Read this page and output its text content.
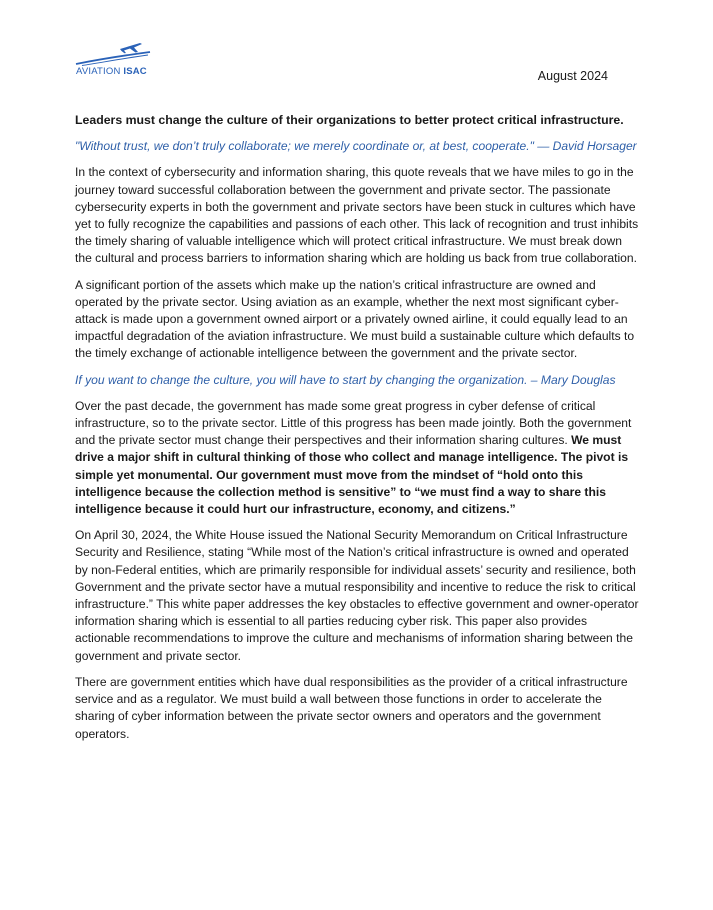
AVIATION ISAC	August 2024

Leaders must change the culture of their organizations to better protect critical infrastructure.

"Without trust, we don’t truly collaborate; we merely coordinate or, at best, cooperate." — David Horsager

In the context of cybersecurity and information sharing, this quote reveals that we have miles to go in the journey toward successful collaboration between the government and private sector. The passionate cybersecurity experts in both the government and private sectors have been stuck in cultures which have yet to fully recognize the capabilities and passions of each other. This lack of recognition and trust inhibits the timely sharing of valuable intelligence which will protect critical infrastructure. We must break down the cultural and process barriers to information sharing which are holding us back from true collaboration.

A significant portion of the assets which make up the nation’s critical infrastructure are owned and operated by the private sector. Using aviation as an example, whether the next most significant cyber-attack is made upon a government owned airport or a privately owned airline, it could equally lead to an impactful degradation of the aviation infrastructure. We must build a sustainable culture which defaults to the timely exchange of actionable intelligence between the government and the private sector.

If you want to change the culture, you will have to start by changing the organization. – Mary Douglas

Over the past decade, the government has made some great progress in cyber defense of critical infrastructure, so to the private sector. Little of this progress has been made jointly. Both the government and the private sector must change their perspectives and their information sharing cultures. We must drive a major shift in cultural thinking of those who collect and manage intelligence. The pivot is simple yet monumental. Our government must move from the mindset of “hold onto this intelligence because the collection method is sensitive” to “we must find a way to share this intelligence because it could hurt our infrastructure, economy, and citizens.”

On April 30, 2024, the White House issued the National Security Memorandum on Critical Infrastructure Security and Resilience, stating “While most of the Nation’s critical infrastructure is owned and operated by non-Federal entities, which are primarily responsible for individual assets’ security and resilience, both Government and the private sector have a mutual responsibility and incentive to reduce the risk to critical infrastructure.” This white paper addresses the key obstacles to effective government and owner-operator information sharing which is essential to all parties reducing cyber risk. This paper also provides actionable recommendations to improve the culture and mechanisms of information sharing between the government and private sector.

There are government entities which have dual responsibilities as the provider of a critical infrastructure service and as a regulator. We must build a wall between those functions in order to accelerate the sharing of cyber information between the private sector owners and operators and the government operators.
